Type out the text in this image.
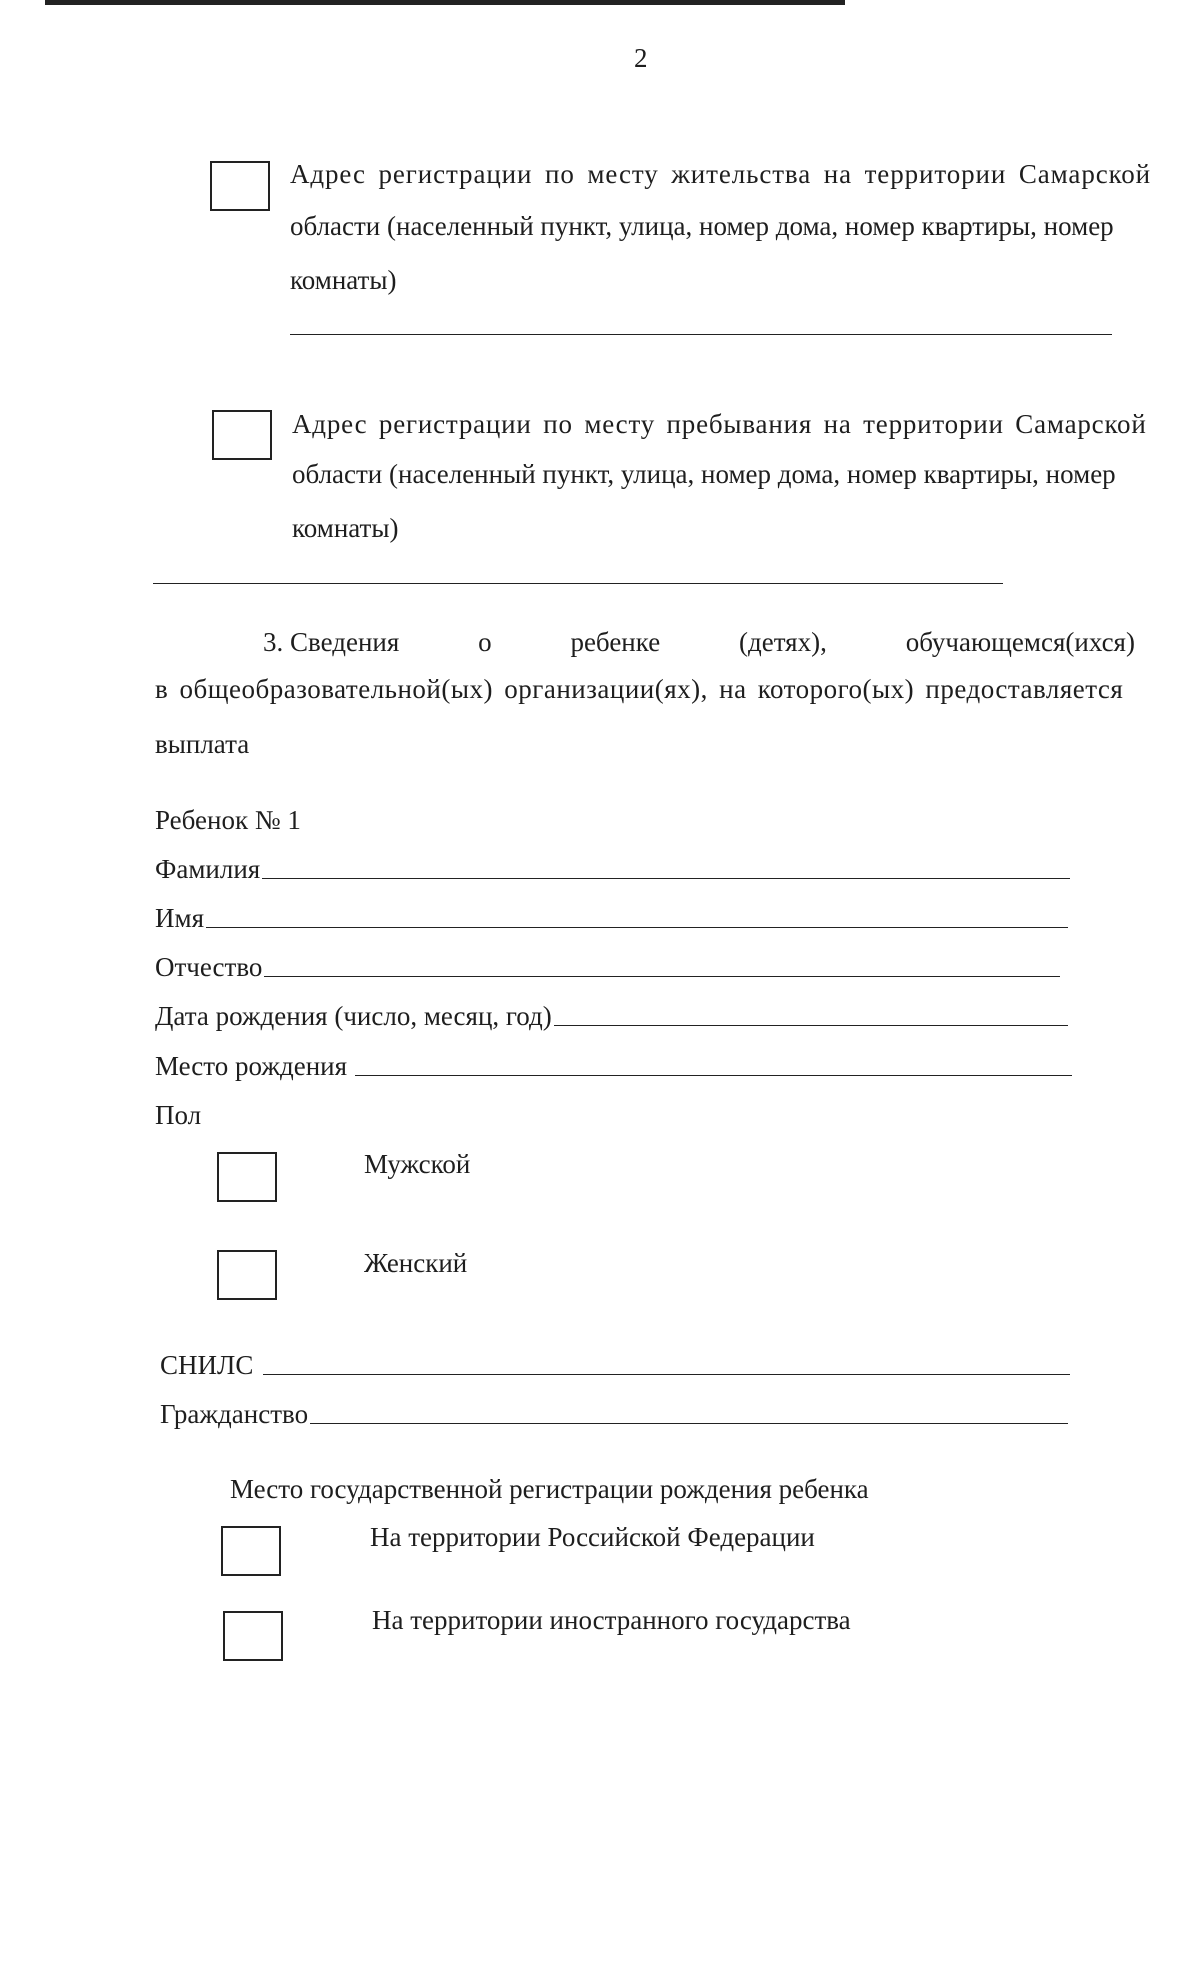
2
Адрес регистрации по месту жительства на территории Самарской
области (населенный пункт, улица, номер дома, номер квартиры, номер
комнаты)
Адрес регистрации по месту пребывания на территории Самарской
области (населенный пункт, улица, номер дома, номер квартиры, номер
комнаты)
3. Сведения	о	ребенке	(детях),	обучающемся(ихся)
в общеобразовательной(ых) организации(ях), на которого(ых) предоставляется
выплата
Ребенок № 1
Фамилия
Имя
Отчество
Дата рождения (число, месяц, год)
Место рождения
Пол
Мужской
Женский
СНИЛС
Гражданство
Место государственной регистрации рождения ребенка
На территории Российской Федерации
На территории иностранного государства
